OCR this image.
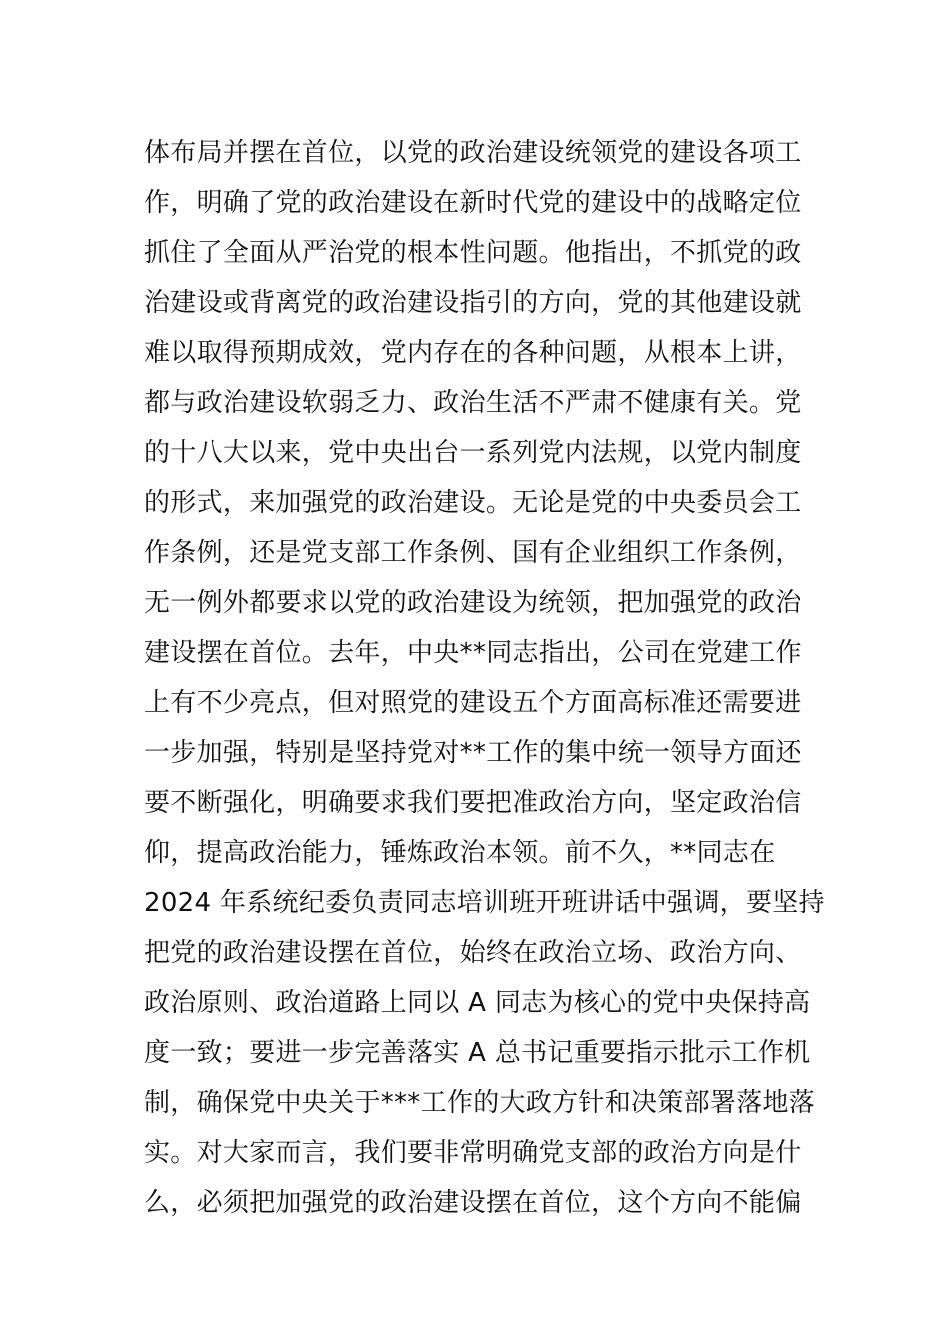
体布局并摆在首位，以党的政治建设统领党的建设各项工
作，明确了党的政治建设在新时代党的建设中的战略定位
抓住了全面从严治党的根本性问题。他指出，不抓党的政
治建设或背离党的政治建设指引的方向，党的其他建设就
难以取得预期成效，党内存在的各种问题，从根本上讲，
都与政治建设软弱乏力、政治生活不严肃不健康有关。党
的十八大以来，党中央出台一系列党内法规，以党内制度
的形式，来加强党的政治建设。无论是党的中央委员会工
作条例，还是党支部工作条例、国有企业组织工作条例，
无一例外都要求以党的政治建设为统领，把加强党的政治
建设摆在首位。去年，中央**同志指出，公司在党建工作
上有不少亮点，但对照党的建设五个方面高标准还需要进
一步加强，特别是坚持党对**工作的集中统一领导方面还
要不断强化，明确要求我们要把准政治方向，坚定政治信
仰，提高政治能力，锤炼政治本领。前不久，**同志在
2024 年系统纪委负责同志培训班开班讲话中强调，要坚持
把党的政治建设摆在首位，始终在政治立场、政治方向、
政治原则、政治道路上同以 A 同志为核心的党中央保持高
度一致；要进一步完善落实 A 总书记重要指示批示工作机
制，确保党中央关于***工作的大政方针和决策部署落地落
实。对大家而言，我们要非常明确党支部的政治方向是什
么，必须把加强党的政治建设摆在首位，这个方向不能偏
